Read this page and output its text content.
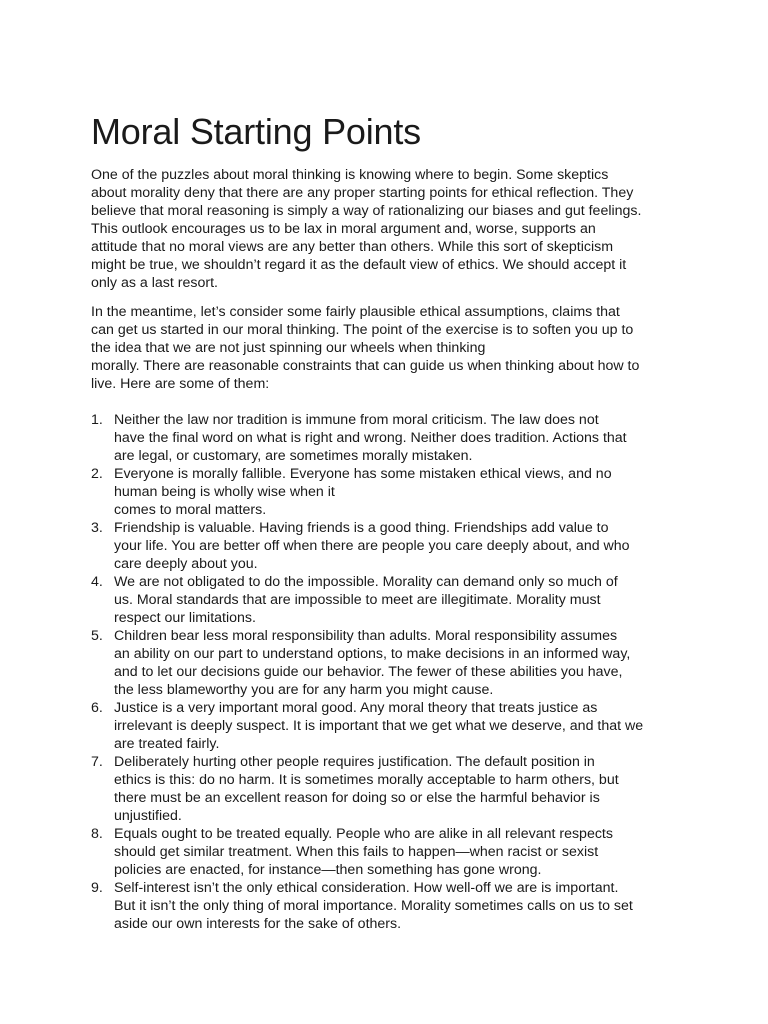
Moral Starting Points

One of the puzzles about moral thinking is knowing where to begin. Some skeptics
about morality deny that there are any proper starting points for ethical reflection. They
believe that moral reasoning is simply a way of rationalizing our biases and gut feelings.
This outlook encourages us to be lax in moral argument and, worse, supports an
attitude that no moral views are any better than others. While this sort of skepticism
might be true, we shouldn’t regard it as the default view of ethics. We should accept it
only as a last resort.

In the meantime, let’s consider some fairly plausible ethical assumptions, claims that
can get us started in our moral thinking. The point of the exercise is to soften you up to
the idea that we are not just spinning our wheels when thinking
morally. There are reasonable constraints that can guide us when thinking about how to
live. Here are some of them:

1. Neither the law nor tradition is immune from moral criticism. The law does not
have the final word on what is right and wrong. Neither does tradition. Actions that
are legal, or customary, are sometimes morally mistaken.
2. Everyone is morally fallible. Everyone has some mistaken ethical views, and no
human being is wholly wise when it
comes to moral matters.
3. Friendship is valuable. Having friends is a good thing. Friendships add value to
your life. You are better off when there are people you care deeply about, and who
care deeply about you.
4. We are not obligated to do the impossible. Morality can demand only so much of
us. Moral standards that are impossible to meet are illegitimate. Morality must
respect our limitations.
5. Children bear less moral responsibility than adults. Moral responsibility assumes
an ability on our part to understand options, to make decisions in an informed way,
and to let our decisions guide our behavior. The fewer of these abilities you have,
the less blameworthy you are for any harm you might cause.
6. Justice is a very important moral good. Any moral theory that treats justice as
irrelevant is deeply suspect. It is important that we get what we deserve, and that we
are treated fairly.
7. Deliberately hurting other people requires justification. The default position in
ethics is this: do no harm. It is sometimes morally acceptable to harm others, but
there must be an excellent reason for doing so or else the harmful behavior is
unjustified.
8. Equals ought to be treated equally. People who are alike in all relevant respects
should get similar treatment. When this fails to happen—when racist or sexist
policies are enacted, for instance—then something has gone wrong.
9. Self-interest isn’t the only ethical consideration. How well-off we are is important.
But it isn’t the only thing of moral importance. Morality sometimes calls on us to set
aside our own interests for the sake of others.
